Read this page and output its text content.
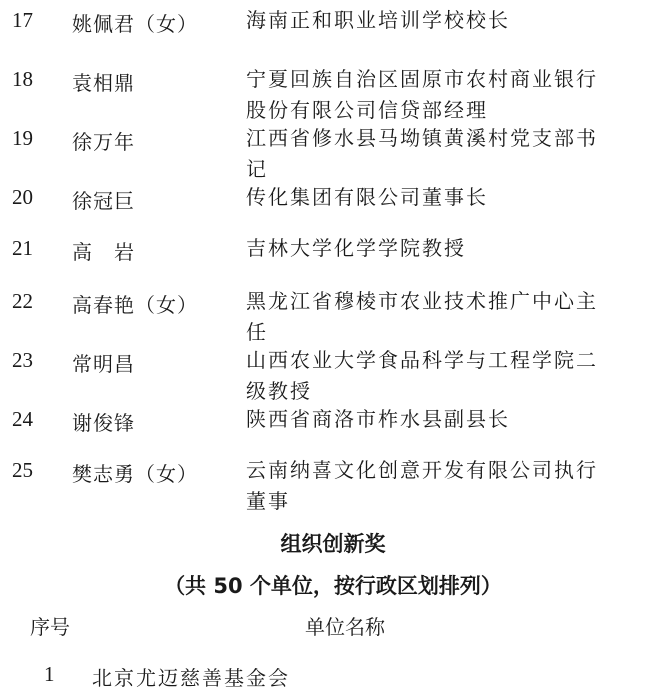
17 姚佩君（女） 海南正和职业培训学校校长
18 袁相鼎	宁夏回族自治区固原市农村商业银行
股份有限公司信贷部经理
19 徐万年	江西省修水县马坳镇黄溪村党支部书
记
20 徐冠巨	传化集团有限公司董事长
21 高　岩	吉林大学化学学院教授
22 高春艳（女） 黑龙江省穆棱市农业技术推广中心主
任
23 常明昌	山西农业大学食品科学与工程学院二
级教授
24 谢俊锋	陕西省商洛市柞水县副县长
25 樊志勇（女） 云南纳喜文化创意开发有限公司执行
董事
组织创新奖
（共 50 个单位，按行政区划排列）
序号	单位名称
1 北京尤迈慈善基金会
